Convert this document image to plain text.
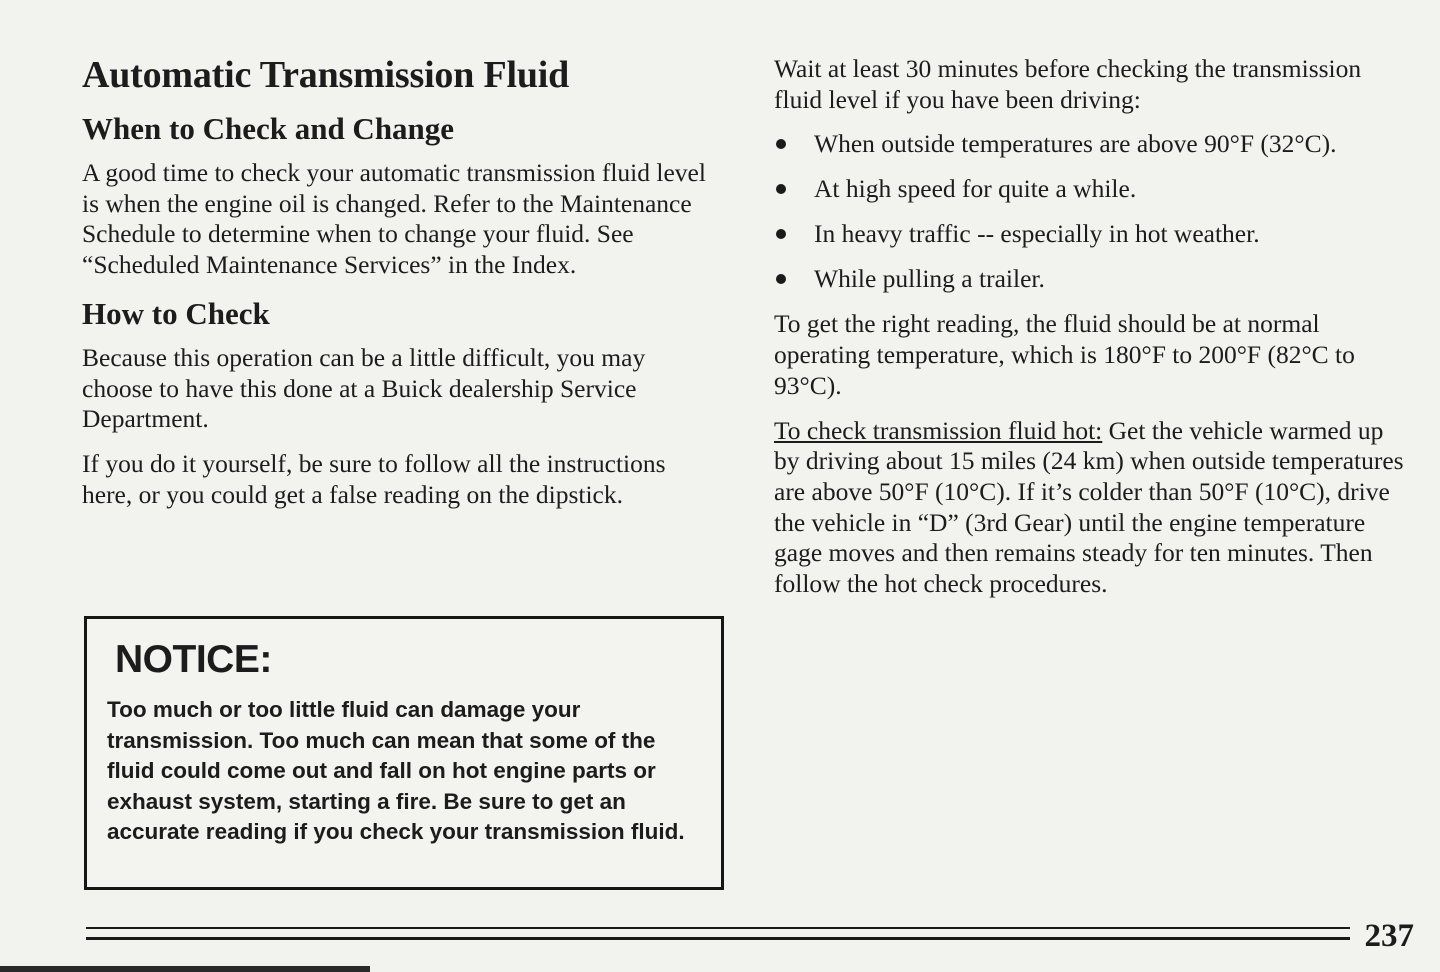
Automatic Transmission Fluid
When to Check and Change

A good time to check your automatic transmission fluid level is when the engine oil is changed. Refer to the Maintenance Schedule to determine when to change your fluid. See “Scheduled Maintenance Services” in the Index.

How to Check

Because this operation can be a little difficult, you may choose to have this done at a Buick dealership Service Department.

If you do it yourself, be sure to follow all the instructions here, or you could get a false reading on the dipstick.

NOTICE:

Too much or too little fluid can damage your transmission. Too much can mean that some of the fluid could come out and fall on hot engine parts or exhaust system, starting a fire. Be sure to get an accurate reading if you check your transmission fluid.

Wait at least 30 minutes before checking the transmission fluid level if you have been driving:

When outside temperatures are above 90°F (32°C).
At high speed for quite a while.
In heavy traffic -- especially in hot weather.
While pulling a trailer.

To get the right reading, the fluid should be at normal operating temperature, which is 180°F to 200°F (82°C to 93°C).

To check transmission fluid hot: Get the vehicle warmed up by driving about 15 miles (24 km) when outside temperatures are above 50°F (10°C). If it’s colder than 50°F (10°C), drive the vehicle in “D” (3rd Gear) until the engine temperature gage moves and then remains steady for ten minutes. Then follow the hot check procedures.

237
